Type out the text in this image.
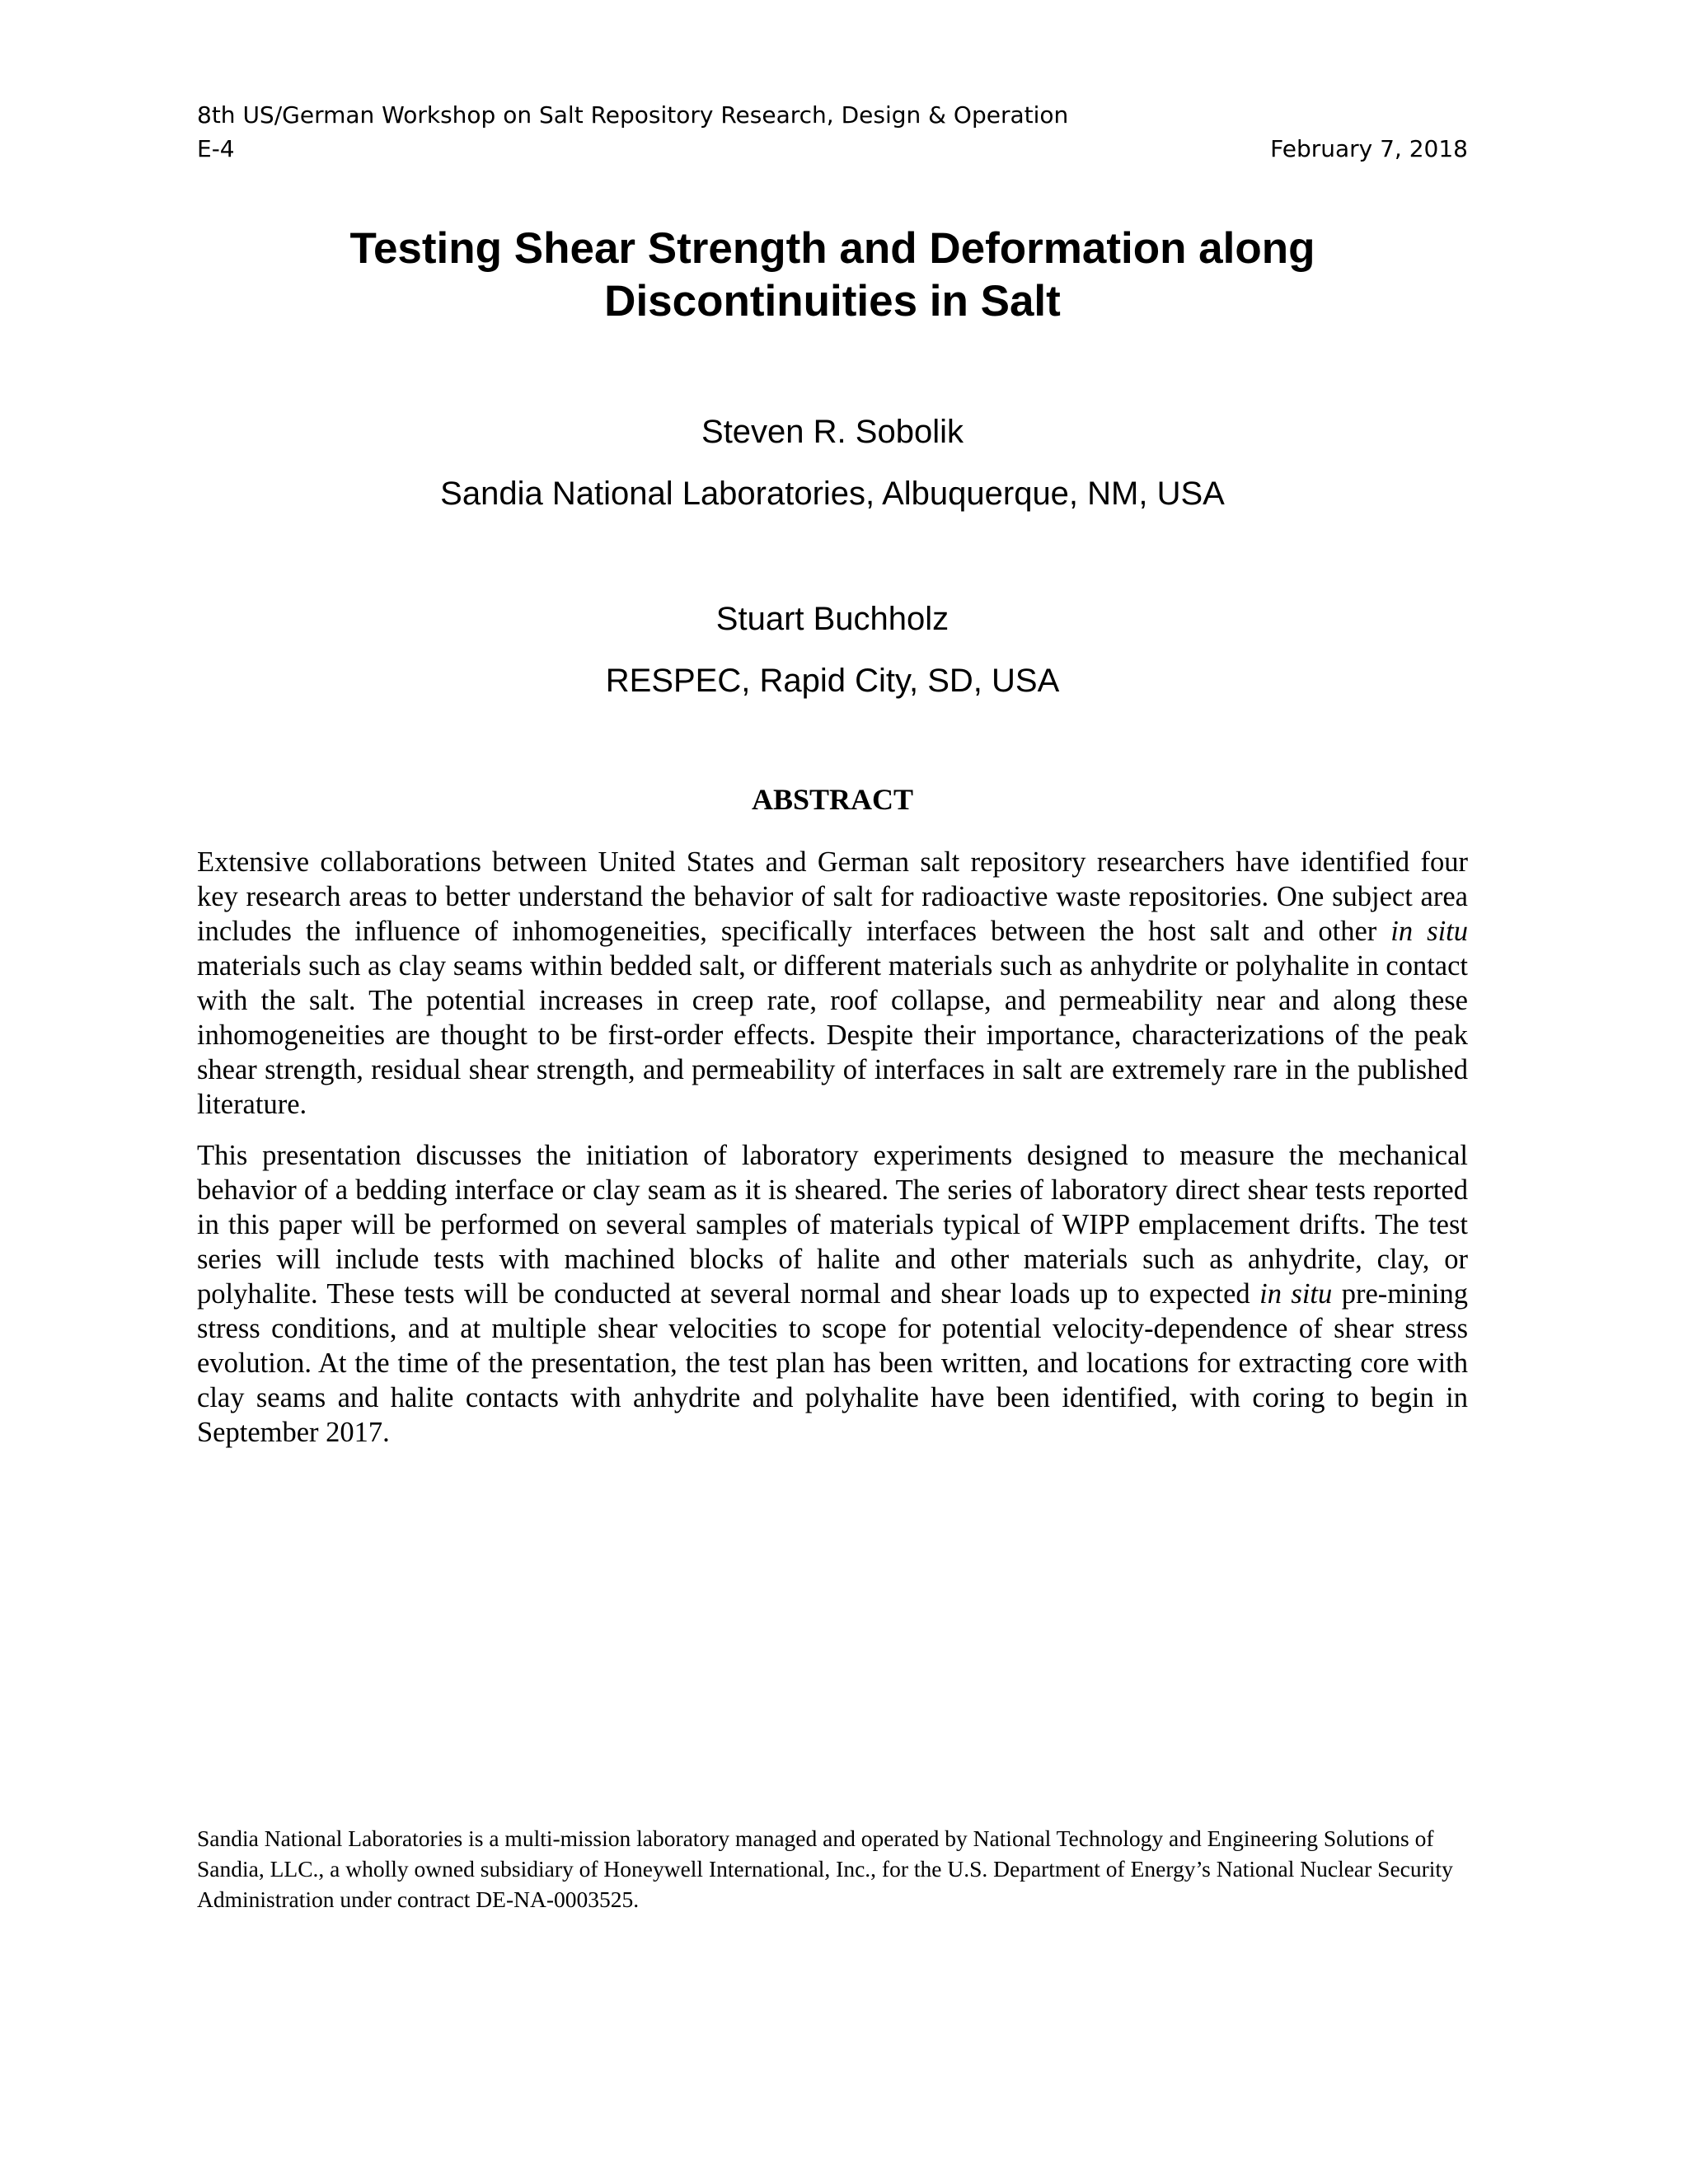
8th US/German Workshop on Salt Repository Research, Design & Operation
E-4	February 7, 2018
Testing Shear Strength and Deformation along
Discontinuities in Salt
Steven R. Sobolik
Sandia National Laboratories, Albuquerque, NM, USA
Stuart Buchholz
RESPEC, Rapid City, SD, USA
ABSTRACT

Extensive collaborations between United States and German salt repository researchers have identified four key research areas to better understand the behavior of salt for radioactive waste repositories. One subject area includes the influence of inhomogeneities, specifically interfaces between the host salt and other in situ materials such as clay seams within bedded salt, or different materials such as anhydrite or polyhalite in contact with the salt. The potential increases in creep rate, roof collapse, and permeability near and along these inhomogeneities are thought to be first-order effects. Despite their importance, characterizations of the peak shear strength, residual shear strength, and permeability of interfaces in salt are extremely rare in the published literature.

This presentation discusses the initiation of laboratory experiments designed to measure the mechanical behavior of a bedding interface or clay seam as it is sheared. The series of laboratory direct shear tests reported in this paper will be performed on several samples of materials typical of WIPP emplacement drifts. The test series will include tests with machined blocks of halite and other materials such as anhydrite, clay, or polyhalite. These tests will be conducted at several normal and shear loads up to expected in situ pre-mining stress conditions, and at multiple shear velocities to scope for potential velocity-dependence of shear stress evolution. At the time of the presentation, the test plan has been written, and locations for extracting core with clay seams and halite contacts with anhydrite and polyhalite have been identified, with coring to begin in September 2017.

Sandia National Laboratories is a multi-mission laboratory managed and operated by National Technology and Engineering Solutions of Sandia, LLC., a wholly owned subsidiary of Honeywell International, Inc., for the U.S. Department of Energy’s National Nuclear Security Administration under contract DE-NA-0003525.
